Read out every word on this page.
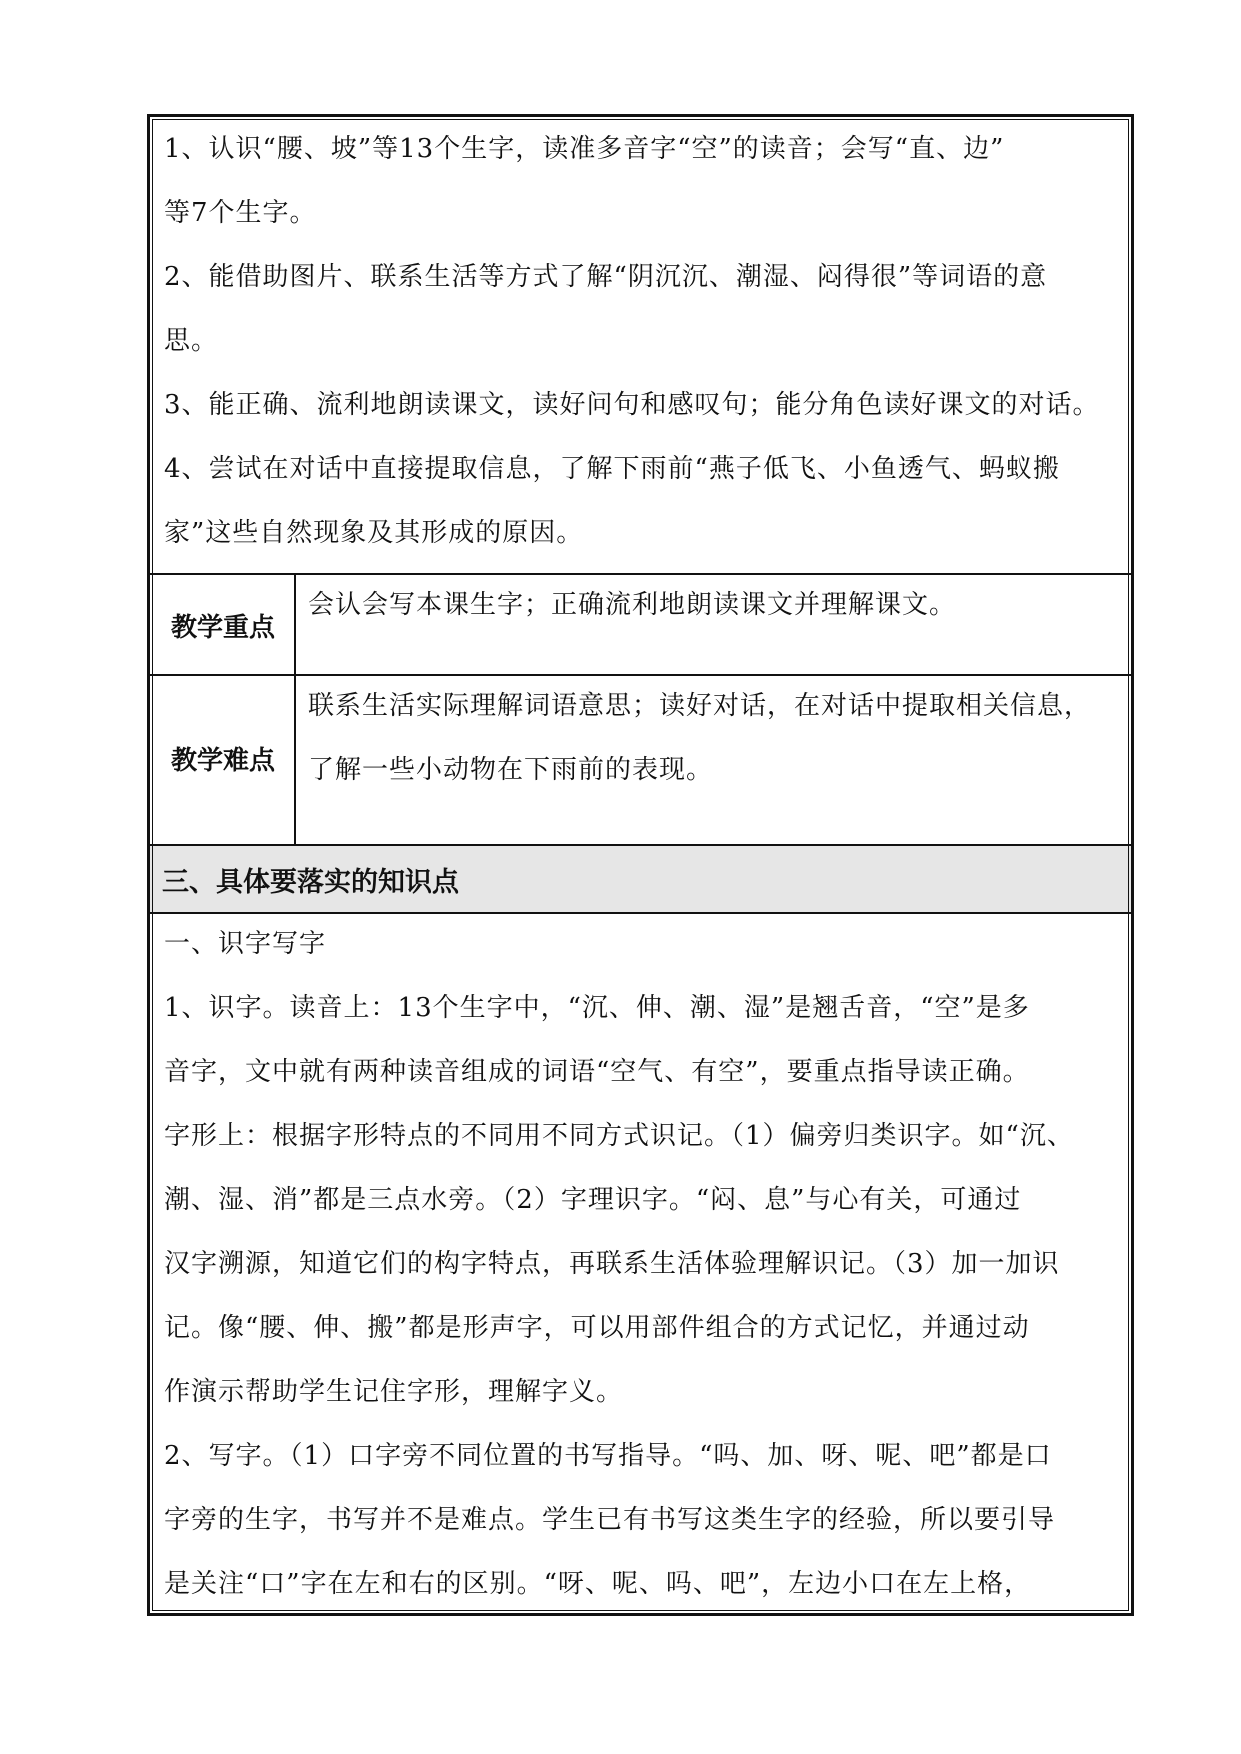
1、认识“腰、坡”等13个生字，读准多音字“空”的读音；会写“直、边”

等7个生字。

2、能借助图片、联系生活等方式了解“阴沉沉、潮湿、闷得很”等词语的意

思。

3、能正确、流利地朗读课文，读好问句和感叹句；能分角色读好课文的对话。

4、尝试在对话中直接提取信息，了解下雨前“燕子低飞、小鱼透气、蚂蚁搬

家”这些自然现象及其形成的原因。

教学重点

会认会写本课生字；正确流利地朗读课文并理解课文。

教学难点

联系生活实际理解词语意思；读好对话，在对话中提取相关信息，

了解一些小动物在下雨前的表现。

三、具体要落实的知识点

一、识字写字

1、识字。读音上：13个生字中，“沉、伸、潮、湿”是翘舌音，“空”是多

音字，文中就有两种读音组成的词语“空气、有空”，要重点指导读正确。

字形上：根据字形特点的不同用不同方式识记。（1）偏旁归类识字。如“沉、

潮、湿、消”都是三点水旁。（2）字理识字。“闷、息”与心有关，可通过

汉字溯源，知道它们的构字特点，再联系生活体验理解识记。（3）加一加识

记。像“腰、伸、搬”都是形声字，可以用部件组合的方式记忆，并通过动

作演示帮助学生记住字形，理解字义。

2、写字。（1）口字旁不同位置的书写指导。“吗、加、呀、呢、吧”都是口

字旁的生字，书写并不是难点。学生已有书写这类生字的经验，所以要引导

是关注“口”字在左和右的区别。“呀、呢、吗、吧”，左边小口在左上格，
